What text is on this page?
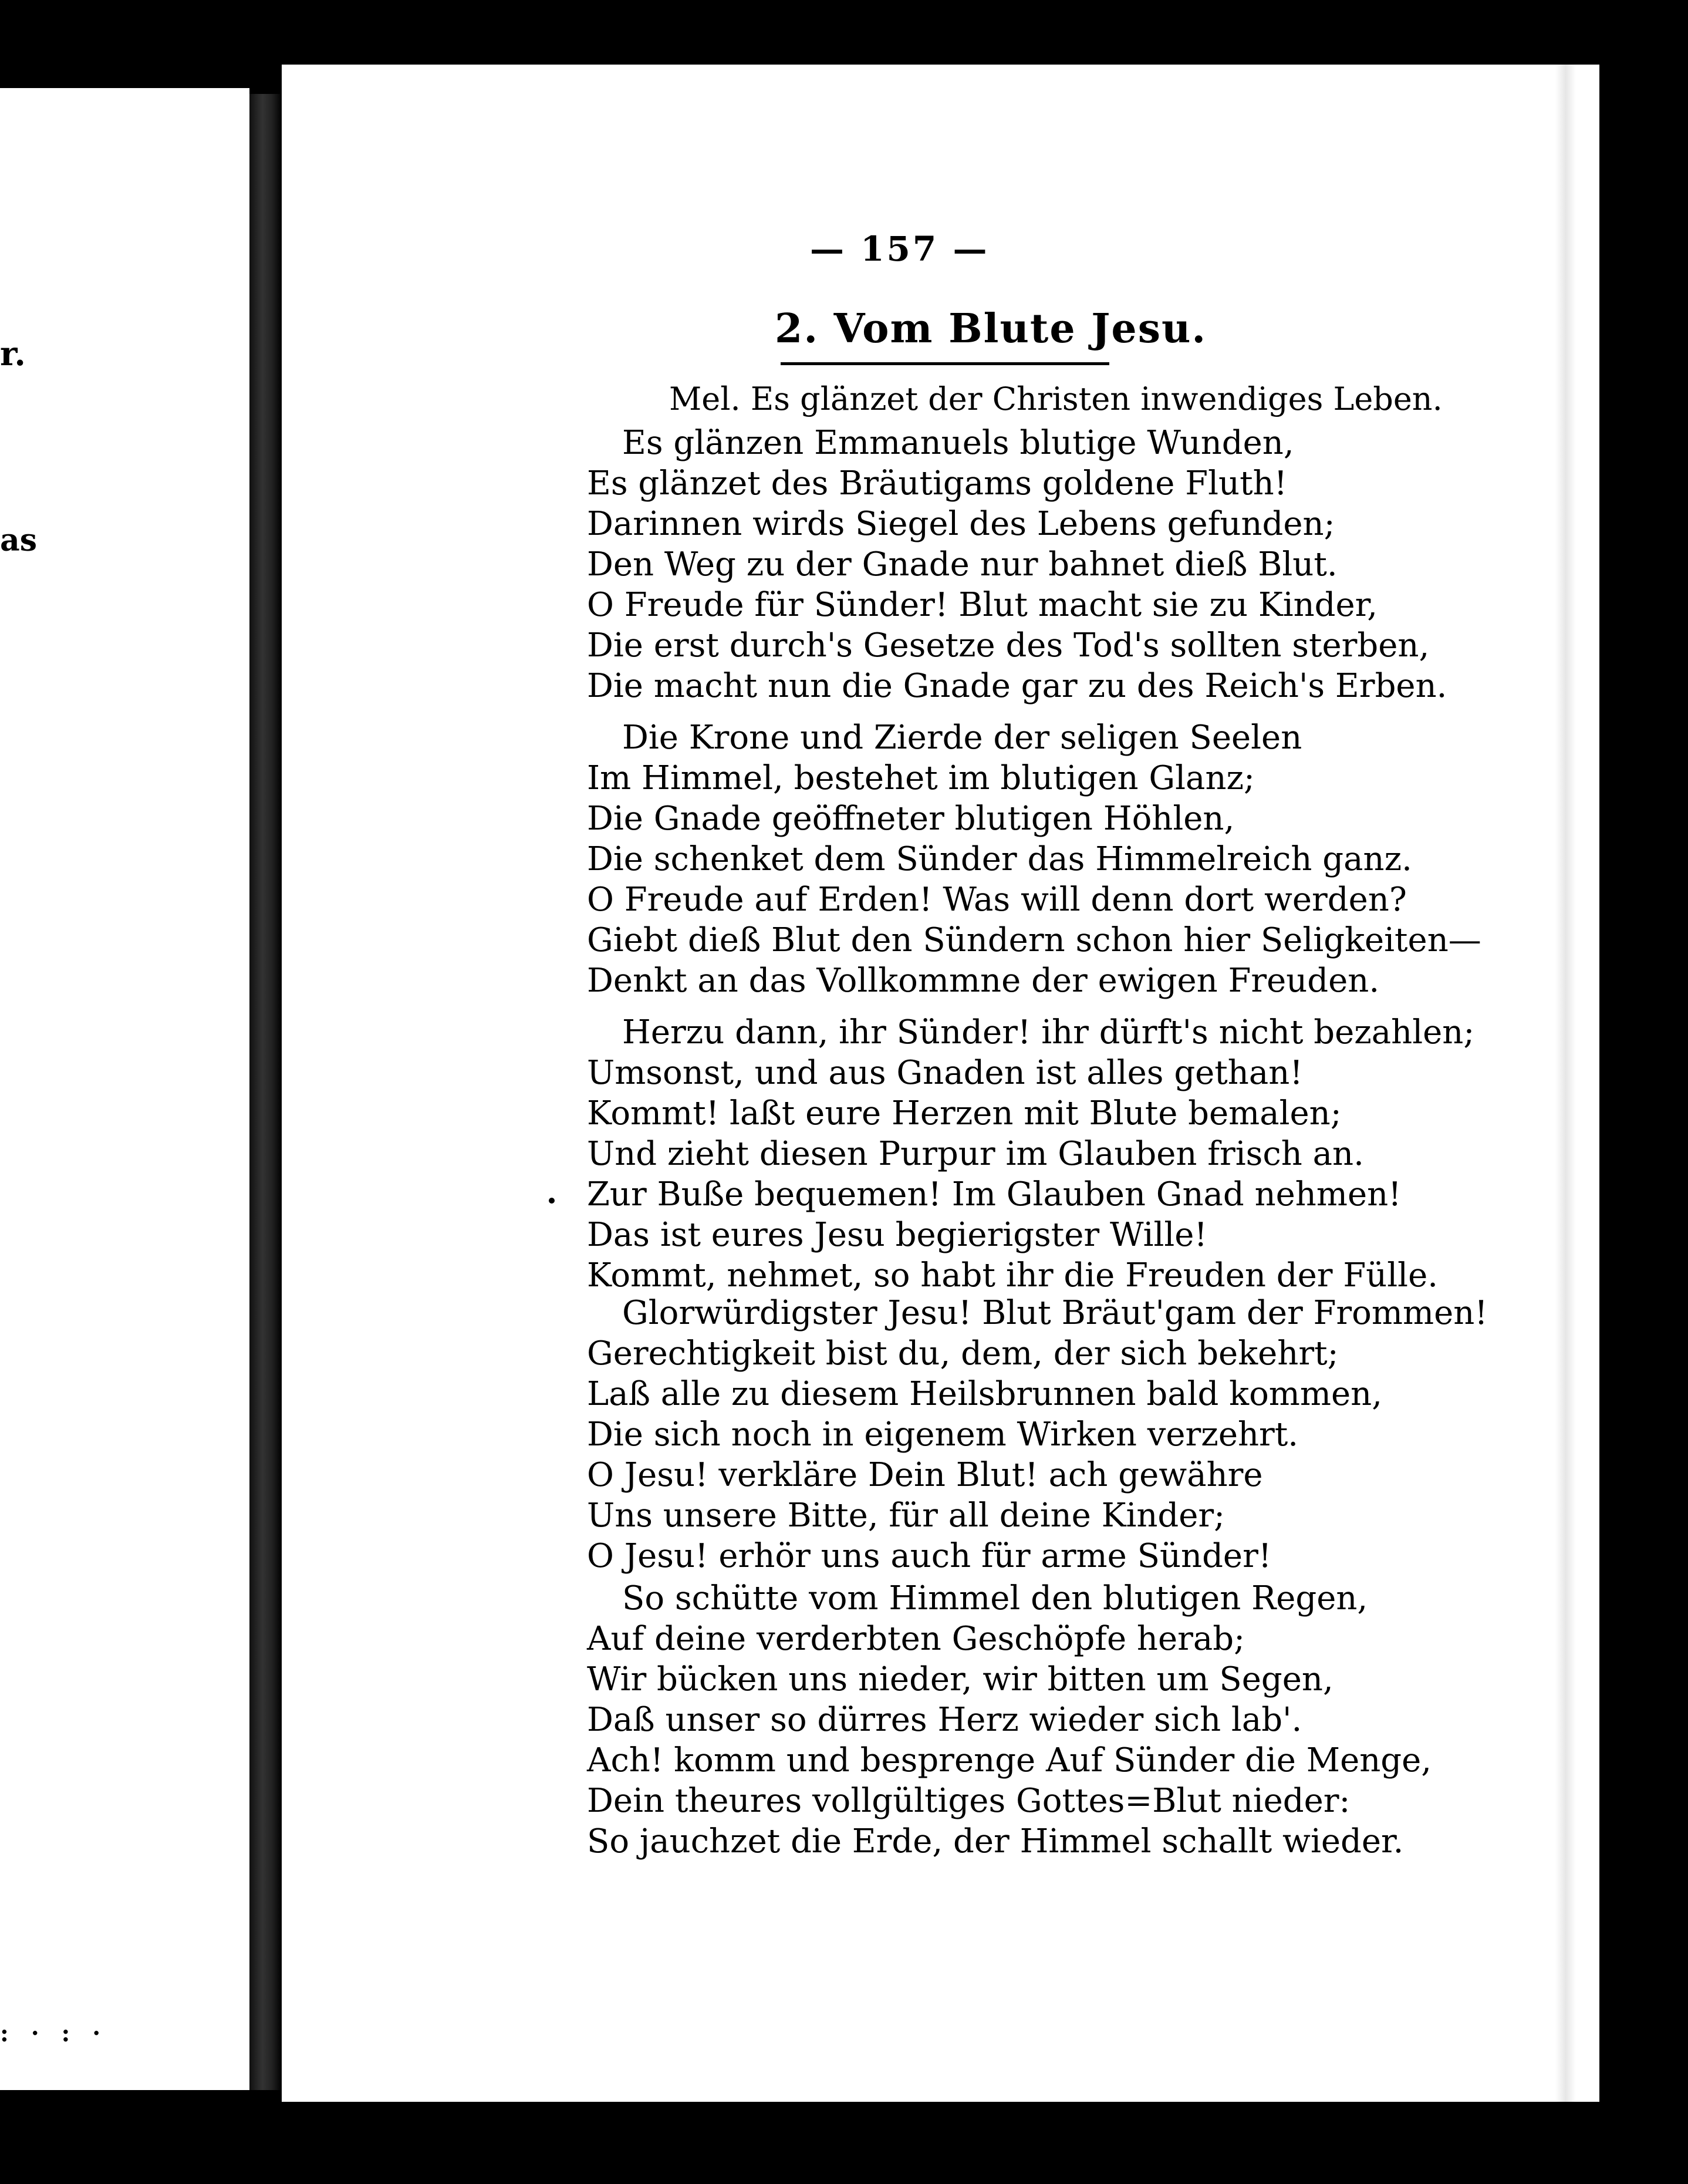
r.
as
: · : ·
— 157 —
2. Vom Blute Jesu.
Mel. Es glänzet der Christen inwendiges Leben.
Es glänzen Emmanuels blutige Wunden,
Es glänzet des Bräutigams goldene Fluth!
Darinnen wirds Siegel des Lebens gefunden;
Den Weg zu der Gnade nur bahnet dieß Blut.
O Freude für Sünder! Blut macht sie zu Kinder,
Die erst durch's Gesetze des Tod's sollten sterben,
Die macht nun die Gnade gar zu des Reich's Erben.
Die Krone und Zierde der seligen Seelen
Im Himmel, bestehet im blutigen Glanz;
Die Gnade geöffneter blutigen Höhlen,
Die schenket dem Sünder das Himmelreich ganz.
O Freude auf Erden! Was will denn dort werden?
Giebt dieß Blut den Sündern schon hier Seligkeiten—
Denkt an das Vollkommne der ewigen Freuden.
Herzu dann, ihr Sünder! ihr dürft's nicht bezahlen;
Umsonst, und aus Gnaden ist alles gethan!
Kommt! laßt eure Herzen mit Blute bemalen;
Und zieht diesen Purpur im Glauben frisch an.
Zur Buße bequemen! Im Glauben Gnad nehmen!
Das ist eures Jesu begierigster Wille!
Kommt, nehmet, so habt ihr die Freuden der Fülle.
Glorwürdigster Jesu! Blut Bräut'gam der Frommen!
Gerechtigkeit bist du, dem, der sich bekehrt;
Laß alle zu diesem Heilsbrunnen bald kommen,
Die sich noch in eigenem Wirken verzehrt.
O Jesu! verkläre Dein Blut! ach gewähre
Uns unsere Bitte, für all deine Kinder;
O Jesu! erhör uns auch für arme Sünder!
So schütte vom Himmel den blutigen Regen,
Auf deine verderbten Geschöpfe herab;
Wir bücken uns nieder, wir bitten um Segen,
Daß unser so dürres Herz wieder sich lab'.
Ach! komm und besprenge Auf Sünder die Menge,
Dein theures vollgültiges Gottes=Blut nieder:
So jauchzet die Erde, der Himmel schallt wieder.
